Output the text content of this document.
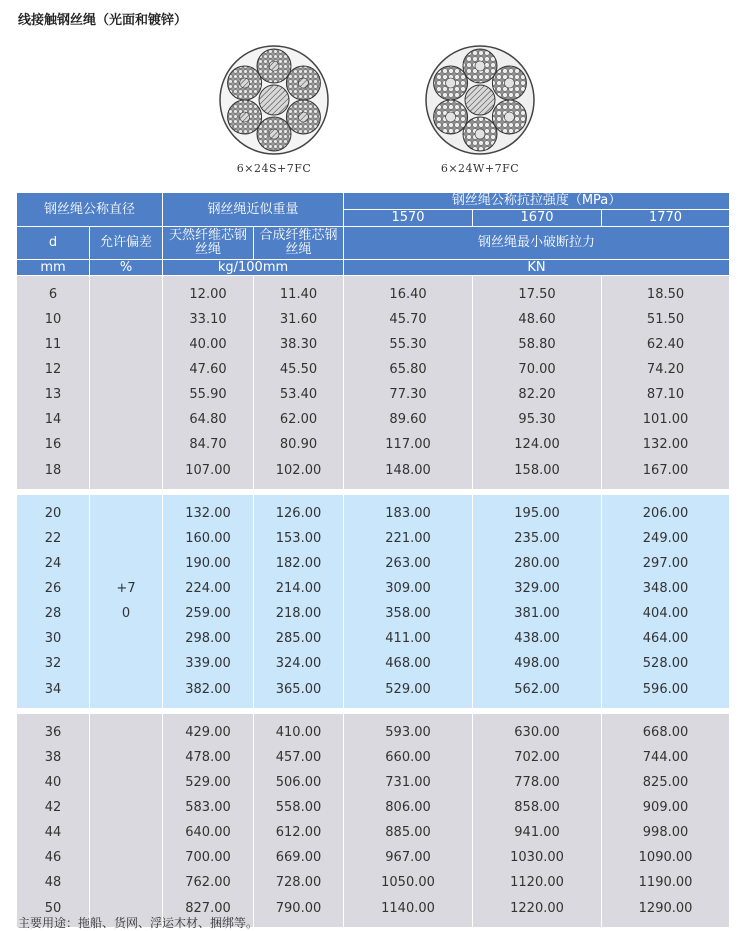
线接触钢丝绳（光面和镀锌）
6×24S+7FC	6×24W+7FC
钢丝绳公称直径		钢丝绳近似重量		钢丝绳公称抗拉强度（MPa）		
				1570	1670	1770
d	允许偏差	天然纤维芯钢丝绳	合成纤维芯钢丝绳	钢丝绳最小破断拉力		
mm	%	kg/100mm		KN		

6		12.00	11.40	16.40	17.50	18.50
10		33.10	31.60	45.70	48.60	51.50
11		40.00	38.30	55.30	58.80	62.40
12		47.60	45.50	65.80	70.00	74.20
13		55.90	53.40	77.30	82.20	87.10
14		64.80	62.00	89.60	95.30	101.00
16		84.70	80.90	117.00	124.00	132.00
18		107.00	102.00	148.00	158.00	167.00

20		132.00	126.00	183.00	195.00	206.00
22		160.00	153.00	221.00	235.00	249.00
24		190.00	182.00	263.00	280.00	297.00
26	+7	224.00	214.00	309.00	329.00	348.00
28	0	259.00	218.00	358.00	381.00	404.00
30		298.00	285.00	411.00	438.00	464.00
32		339.00	324.00	468.00	498.00	528.00
34		382.00	365.00	529.00	562.00	596.00

36		429.00	410.00	593.00	630.00	668.00
38		478.00	457.00	660.00	702.00	744.00
40		529.00	506.00	731.00	778.00	825.00
42		583.00	558.00	806.00	858.00	909.00
44		640.00	612.00	885.00	941.00	998.00
46		700.00	669.00	967.00	1030.00	1090.00
48		762.00	728.00	1050.00	1120.00	1190.00
50		827.00	790.00	1140.00	1220.00	1290.00

主要用途：拖船、货网、浮运木材、捆绑等。
